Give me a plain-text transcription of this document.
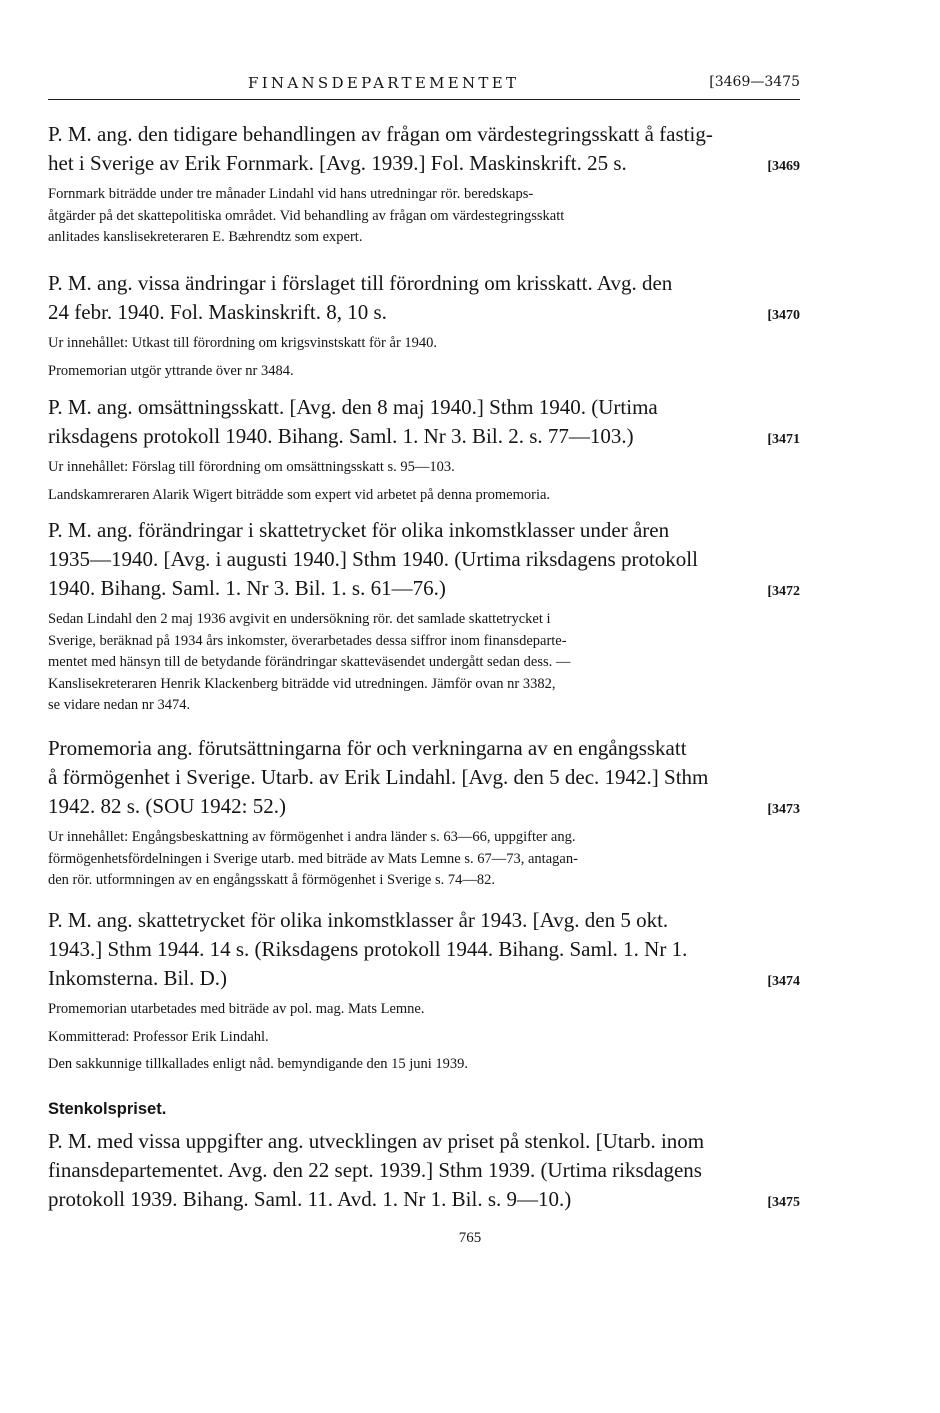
FINANSDEPARTEMENTET	[3469—3475
P. M. ang. den tidigare behandlingen av frågan om värdestegringsskatt å fastig-
het i Sverige av Erik Fornmark. [Avg. 1939.] Fol. Maskinskrift. 25 s.	[3469
Fornmark biträdde under tre månader Lindahl vid hans utredningar rör. beredskaps-
åtgärder på det skattepolitiska området. Vid behandling av frågan om värdestegringsskatt
anlitades kanslisekreteraren E. Bæhrendtz som expert.
P. M. ang. vissa ändringar i förslaget till förordning om krisskatt. Avg. den
24 febr. 1940. Fol. Maskinskrift. 8, 10 s.	[3470
Ur innehållet: Utkast till förordning om krigsvinstskatt för år 1940.
Promemorian utgör yttrande över nr 3484.
P. M. ang. omsättningsskatt. [Avg. den 8 maj 1940.] Sthm 1940. (Urtima
riksdagens protokoll 1940. Bihang. Saml. 1. Nr 3. Bil. 2. s. 77—103.)	[3471
Ur innehållet: Förslag till förordning om omsättningsskatt s. 95—103.
Landskamreraren Alarik Wigert biträdde som expert vid arbetet på denna promemoria.
P. M. ang. förändringar i skattetrycket för olika inkomstklasser under åren
1935—1940. [Avg. i augusti 1940.] Sthm 1940. (Urtima riksdagens protokoll
1940. Bihang. Saml. 1. Nr 3. Bil. 1. s. 61—76.)	[3472
Sedan Lindahl den 2 maj 1936 avgivit en undersökning rör. det samlade skattetrycket i
Sverige, beräknad på 1934 års inkomster, överarbetades dessa siffror inom finansdeparte-
mentet med hänsyn till de betydande förändringar skatteväsendet undergått sedan dess. —
Kanslisekreteraren Henrik Klackenberg biträdde vid utredningen. Jämför ovan nr 3382,
se vidare nedan nr 3474.
Promemoria ang. förutsättningarna för och verkningarna av en engångsskatt
å förmögenhet i Sverige. Utarb. av Erik Lindahl. [Avg. den 5 dec. 1942.] Sthm
1942. 82 s. (SOU 1942: 52.)	[3473
Ur innehållet: Engångsbeskattning av förmögenhet i andra länder s. 63—66, uppgifter ang.
förmögenhetsfördelningen i Sverige utarb. med biträde av Mats Lemne s. 67—73, antagan-
den rör. utformningen av en engångsskatt å förmögenhet i Sverige s. 74—82.
P. M. ang. skattetrycket för olika inkomstklasser år 1943. [Avg. den 5 okt.
1943.] Sthm 1944. 14 s. (Riksdagens protokoll 1944. Bihang. Saml. 1. Nr 1.
Inkomsterna. Bil. D.)	[3474
Promemorian utarbetades med biträde av pol. mag. Mats Lemne.
Kommitterad: Professor Erik Lindahl.
Den sakkunnige tillkallades enligt nåd. bemyndigande den 15 juni 1939.
Stenkolspriset.
P. M. med vissa uppgifter ang. utvecklingen av priset på stenkol. [Utarb. inom
finansdepartementet. Avg. den 22 sept. 1939.] Sthm 1939. (Urtima riksdagens
protokoll 1939. Bihang. Saml. 11. Avd. 1. Nr 1. Bil. s. 9—10.)	[3475
765
